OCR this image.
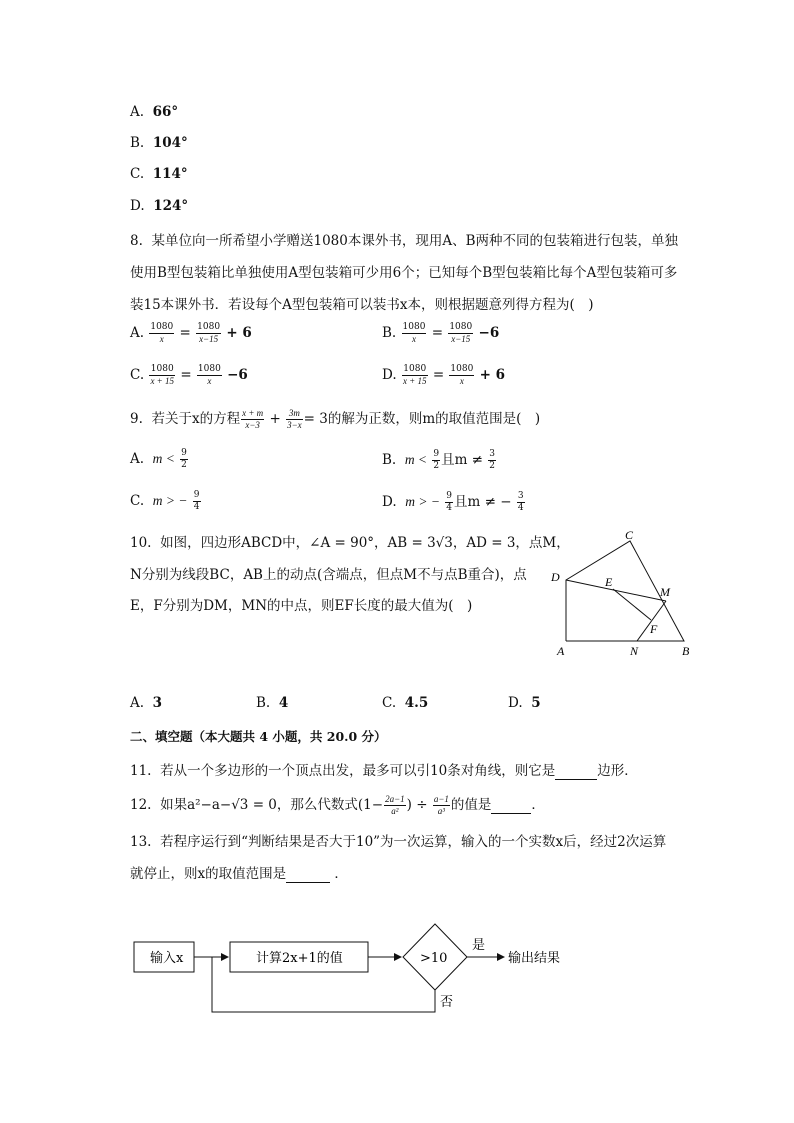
A. 66°
B. 104°
C. 114°
D. 124°
8. 某单位向一所希望小学赠送1080本课外书，现用A、B两种不同的包装箱进行包装，单独
使用B型包装箱比单独使用A型包装箱可少用6个；已知每个B型包装箱比每个A型包装箱可多
装15本课外书．若设每个A型包装箱可以装书x本，则根据题意列得方程为(　)
A. $\frac{1080}{x} = \frac{1080}{x-15} + 6$	B. $\frac{1080}{x} = \frac{1080}{x-15} -6$
C. $\frac{1080}{x + 15} = \frac{1080}{x} -6$	D. $\frac{1080}{x + 15} = \frac{1080}{x} + 6$
9. 若关于x的方程 $\frac{x + m}{x-3} + \frac{3m}{3-x} = 3$的解为正数，则m的取值范围是(　)
A. $m < \frac{9}{2}$	B. $m < \frac{9}{2}$ 且$m \ne \frac{3}{2}$
C. m > − $\frac{9}{4}$	D. m > − $\frac{9}{4}$ 且m ≠ − $\frac{3}{4}$
10. 如图，四边形ABCD中，∠A = 90°，AB = 3√3，AD = 3，点M，
N分别为线段BC，AB上的动点(含端点，但点M不与点B重合)，点
E，F分别为DM，MN的中点，则EF长度的最大值为(　)
C
D	E
M
F
A	N	B
A. 3	B. 4	C. 4.5	D. 5
二、填空题（本大题共 4 小题，共 20.0 分）
11. 若从一个多边形的一个顶点出发，最多可以引10条对角线，则它是	边形．
12. 如果a²−a−√3 = 0，那么代数式($1- \frac{2a-1}{\text{a²}}$ ) ÷ $\frac{a-1}{\text{a³}}$ 的值是	．
13. 若程序运行到“判断结果是否大于10”为一次运算，输入的一个实数x后，经过2次运算
就停止，则x的取值范围是	．
输入x	计算2x+1的值	>10
是
输出结果
否
